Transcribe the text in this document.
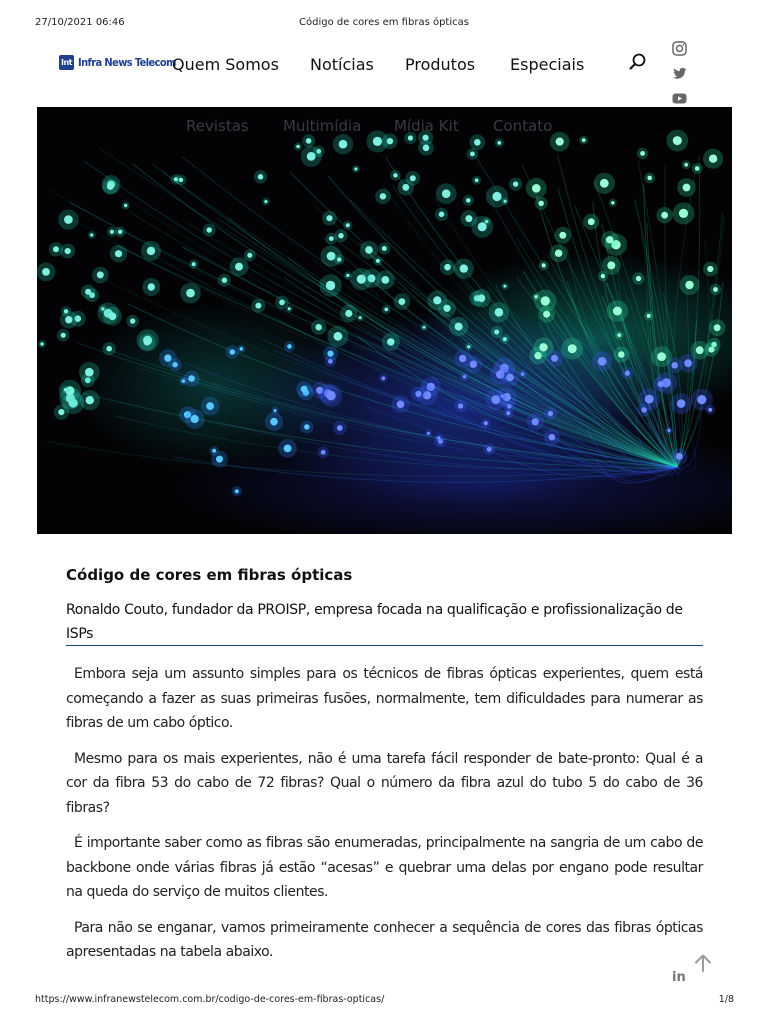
27/10/2021 06:46	Código de cores em fibras ópticas
Int Infra News Telecom
Quem Somos Notícias Produtos Especiais
Revistas Multimídia Mídia Kit Contato
Código de cores em fibras ópticas
Ronaldo Couto, fundador da PROISP, empresa focada na qualificação e profissionalização de ISPs

Embora seja um assunto simples para os técnicos de fibras ópticas experientes, quem está começando a fazer as suas primeiras fusões, normalmente, tem dificuldades para numerar as fibras de um cabo óptico.

Mesmo para os mais experientes, não é uma tarefa fácil responder de bate-pronto: Qual é a cor da fibra 53 do cabo de 72 fibras? Qual o número da fibra azul do tubo 5 do cabo de 36 fibras?

É importante saber como as fibras são enumeradas, principalmente na sangria de um cabo de backbone onde várias fibras já estão “acesas” e quebrar uma delas por engano pode resultar na queda do serviço de muitos clientes.

Para não se enganar, vamos primeiramente conhecer a sequência de cores das fibras ópticas apresentadas na tabela abaixo.

in
https://www.infranewstelecom.com.br/codigo-de-cores-em-fibras-opticas/	1/8
